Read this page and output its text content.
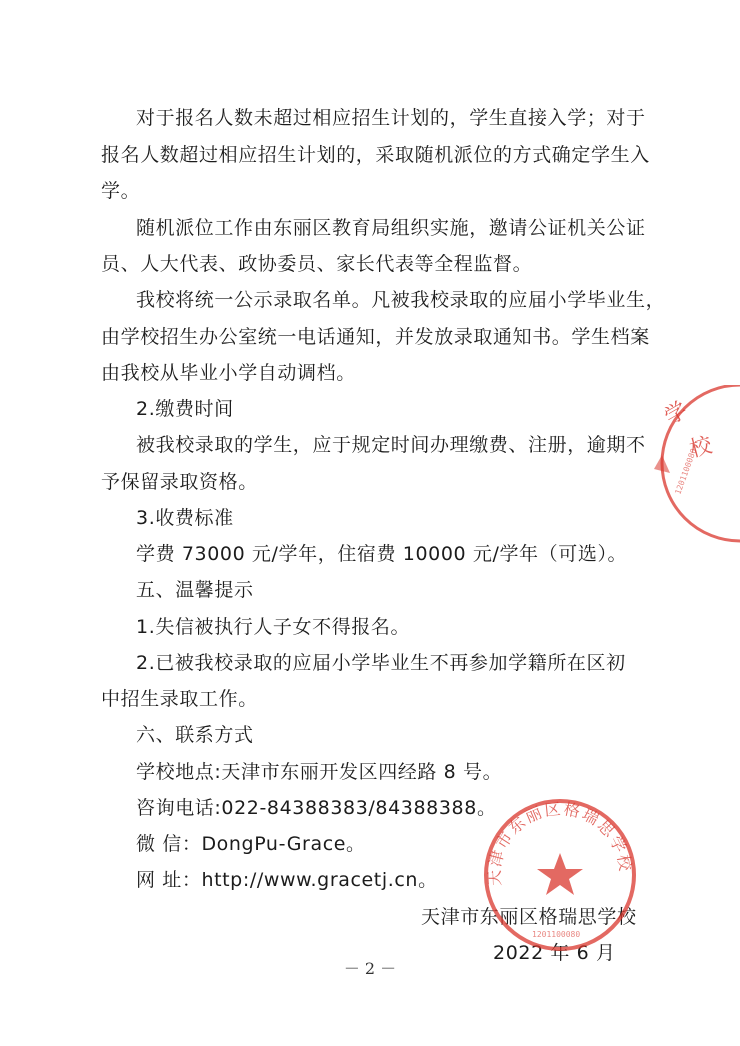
对于报名人数未超过相应招生计划的，学生直接入学；对于
报名人数超过相应招生计划的，采取随机派位的方式确定学生入
学。
随机派位工作由东丽区教育局组织实施，邀请公证机关公证
员、人大代表、政协委员、家长代表等全程监督。
我校将统一公示录取名单。凡被我校录取的应届小学毕业生，
由学校招生办公室统一电话通知，并发放录取通知书。学生档案
由我校从毕业小学自动调档。
2.缴费时间
被我校录取的学生，应于规定时间办理缴费、注册，逾期不
予保留录取资格。
3.收费标准
学费 73000 元/学年，住宿费 10000 元/学年（可选）。
五、温馨提示
1.失信被执行人子女不得报名。
2.已被我校录取的应届小学毕业生不再参加学籍所在区初
中招生录取工作。
六、联系方式
学校地点:天津市东丽开发区四经路 8 号。
咨询电话:022-84388383/84388388。
微 信：DongPu-Grace。
网 址：http://www.gracetj.cn。
天津市东丽区格瑞思学校
2022 年 6 月
－ 2 －
学
校
1201100080
天津市东丽区格瑞思学校
1201100080
